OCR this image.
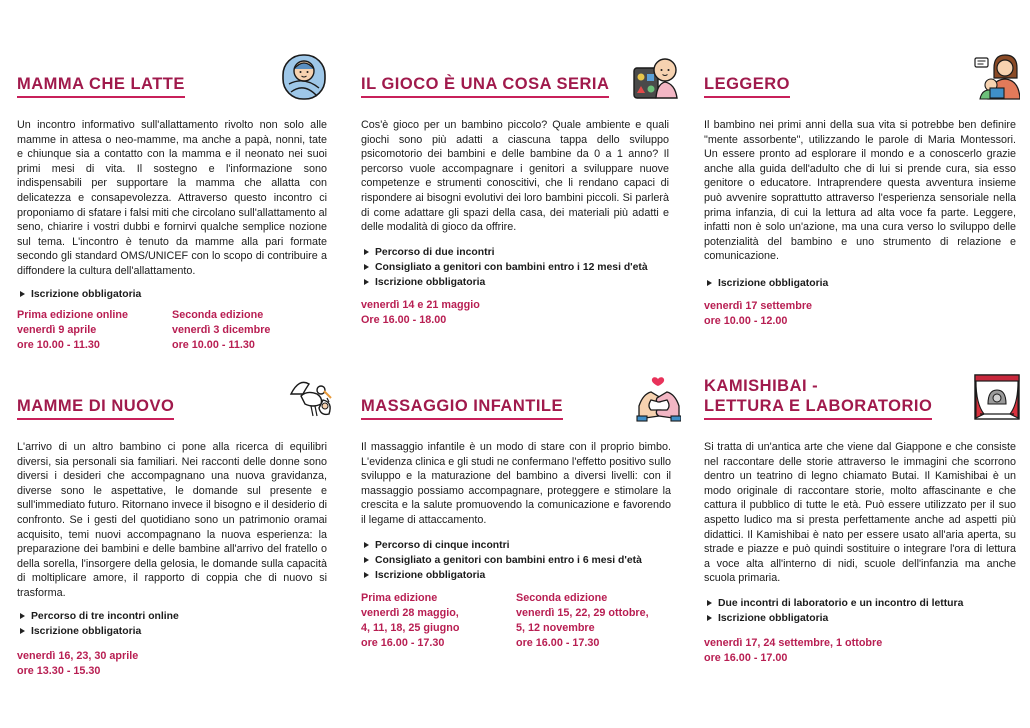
MAMMA CHE LATTE

Un incontro informativo sull'allattamento rivolto non solo alle mamme in attesa o neo-mamme, ma anche a papà, nonni, tate e chiunque sia a contatto con la mamma e il neonato nei suoi primi mesi di vita. Il sostegno e l'informazione sono indispensabili per supportare la mamma che allatta con delicatezza e consapevolezza. Attraverso questo incontro ci proponiamo di sfatare i falsi miti che circolano sull'allattamento al seno, chiarire i vostri dubbi e fornirvi qualche semplice nozione sul tema. L'incontro è tenuto da mamme alla pari formate secondo gli standard OMS/UNICEF con lo scopo di contribuire a diffondere la cultura dell'allattamento.

Iscrizione obbligatoria

Prima edizione online

venerdì 9 aprile

ore 10.00 - 11.30

Seconda edizione

venerdì 3 dicembre

ore 10.00 - 11.30

IL GIOCO È UNA COSA SERIA

Cos'è gioco per un bambino piccolo? Quale ambiente e quali giochi sono più adatti a ciascuna tappa dello sviluppo psicomotorio dei bambini e delle bambine da 0 a 1 anno? Il percorso vuole accompagnare i genitori a sviluppare nuove competenze e strumenti conoscitivi, che li rendano capaci di rispondere ai bisogni evolutivi dei loro bambini piccoli. Si parlerà di come adattare gli spazi della casa, dei materiali più adatti e delle modalità di gioco da offrire.

Percorso di due incontri
Consigliato a genitori con bambini entro i 12 mesi d'età
Iscrizione obbligatoria

venerdì 14 e 21 maggio

Ore 16.00 - 18.00

LEGGERO

Il bambino nei primi anni della sua vita si potrebbe ben definire "mente assorbente", utilizzando le parole di Maria Montessori. Un essere pronto ad esplorare il mondo e a conoscerlo grazie anche alla guida dell'adulto che di lui si prende cura, sia esso genitore o educatore. Intraprendere questa avventura insieme può avvenire soprattutto attraverso l'esperienza sensoriale nella prima infanzia, di cui la lettura ad alta voce fa parte. Leggere, infatti non è solo un'azione, ma una cura verso lo sviluppo delle potenzialità del bambino e uno strumento di relazione e comunicazione.

Iscrizione obbligatoria

venerdì 17 settembre

ore 10.00 - 12.00

MAMME DI NUOVO

L'arrivo di un altro bambino ci pone alla ricerca di equilibri diversi, sia personali sia familiari. Nei racconti delle donne sono diversi i desideri che accompagnano una nuova gravidanza, diverse sono le aspettative, le domande sul presente e sull'immediato futuro. Ritornano invece il bisogno e il desiderio di confronto. Se i gesti del quotidiano sono un patrimonio oramai acquisito, temi nuovi accompagnano la nuova esperienza: la preparazione dei bambini e delle bambine all'arrivo del fratello o della sorella, l'insorgere della gelosia, le domande sulla capacità di moltiplicare amore, il rapporto di coppia che di nuovo si trasforma.

Percorso di tre incontri online
Iscrizione obbligatoria

venerdì 16, 23, 30 aprile

ore 13.30 - 15.30

MASSAGGIO INFANTILE

Il massaggio infantile è un modo di stare con il proprio bimbo. L'evidenza clinica e gli studi ne confermano l'effetto positivo sullo sviluppo e la maturazione del bambino a diversi livelli: con il massaggio possiamo accompagnare, proteggere e stimolare la crescita e la salute promuovendo la comunicazione e favorendo il legame di attaccamento.

Percorso di cinque incontri
Consigliato a genitori con bambini entro i 6 mesi d'età
Iscrizione obbligatoria

Prima edizione

venerdì 28 maggio,

4, 11, 18, 25 giugno

ore 16.00 - 17.30

Seconda edizione

venerdì 15, 22, 29 ottobre,

5, 12 novembre

ore 16.00 - 17.30

KAMISHIBAI -
LETTURA E LABORATORIO

Si tratta di un'antica arte che viene dal Giappone e che consiste nel raccontare delle storie attraverso le immagini che scorrono dentro un teatrino di legno chiamato Butai. Il Kamishibai è un modo originale di raccontare storie, molto affascinante e che cattura il pubblico di tutte le età. Può essere utilizzato per il suo aspetto ludico ma si presta perfettamente anche ad aspetti più didattici. Il Kamishibai è nato per essere usato all'aria aperta, su strade e piazze e può quindi sostituire o integrare l'ora di lettura a voce alta all'interno di nidi, scuole dell'infanzia ma anche scuola primaria.

Due incontri di laboratorio e un incontro di lettura
Iscrizione obbligatoria

venerdì 17, 24 settembre, 1 ottobre

ore 16.00 - 17.00
